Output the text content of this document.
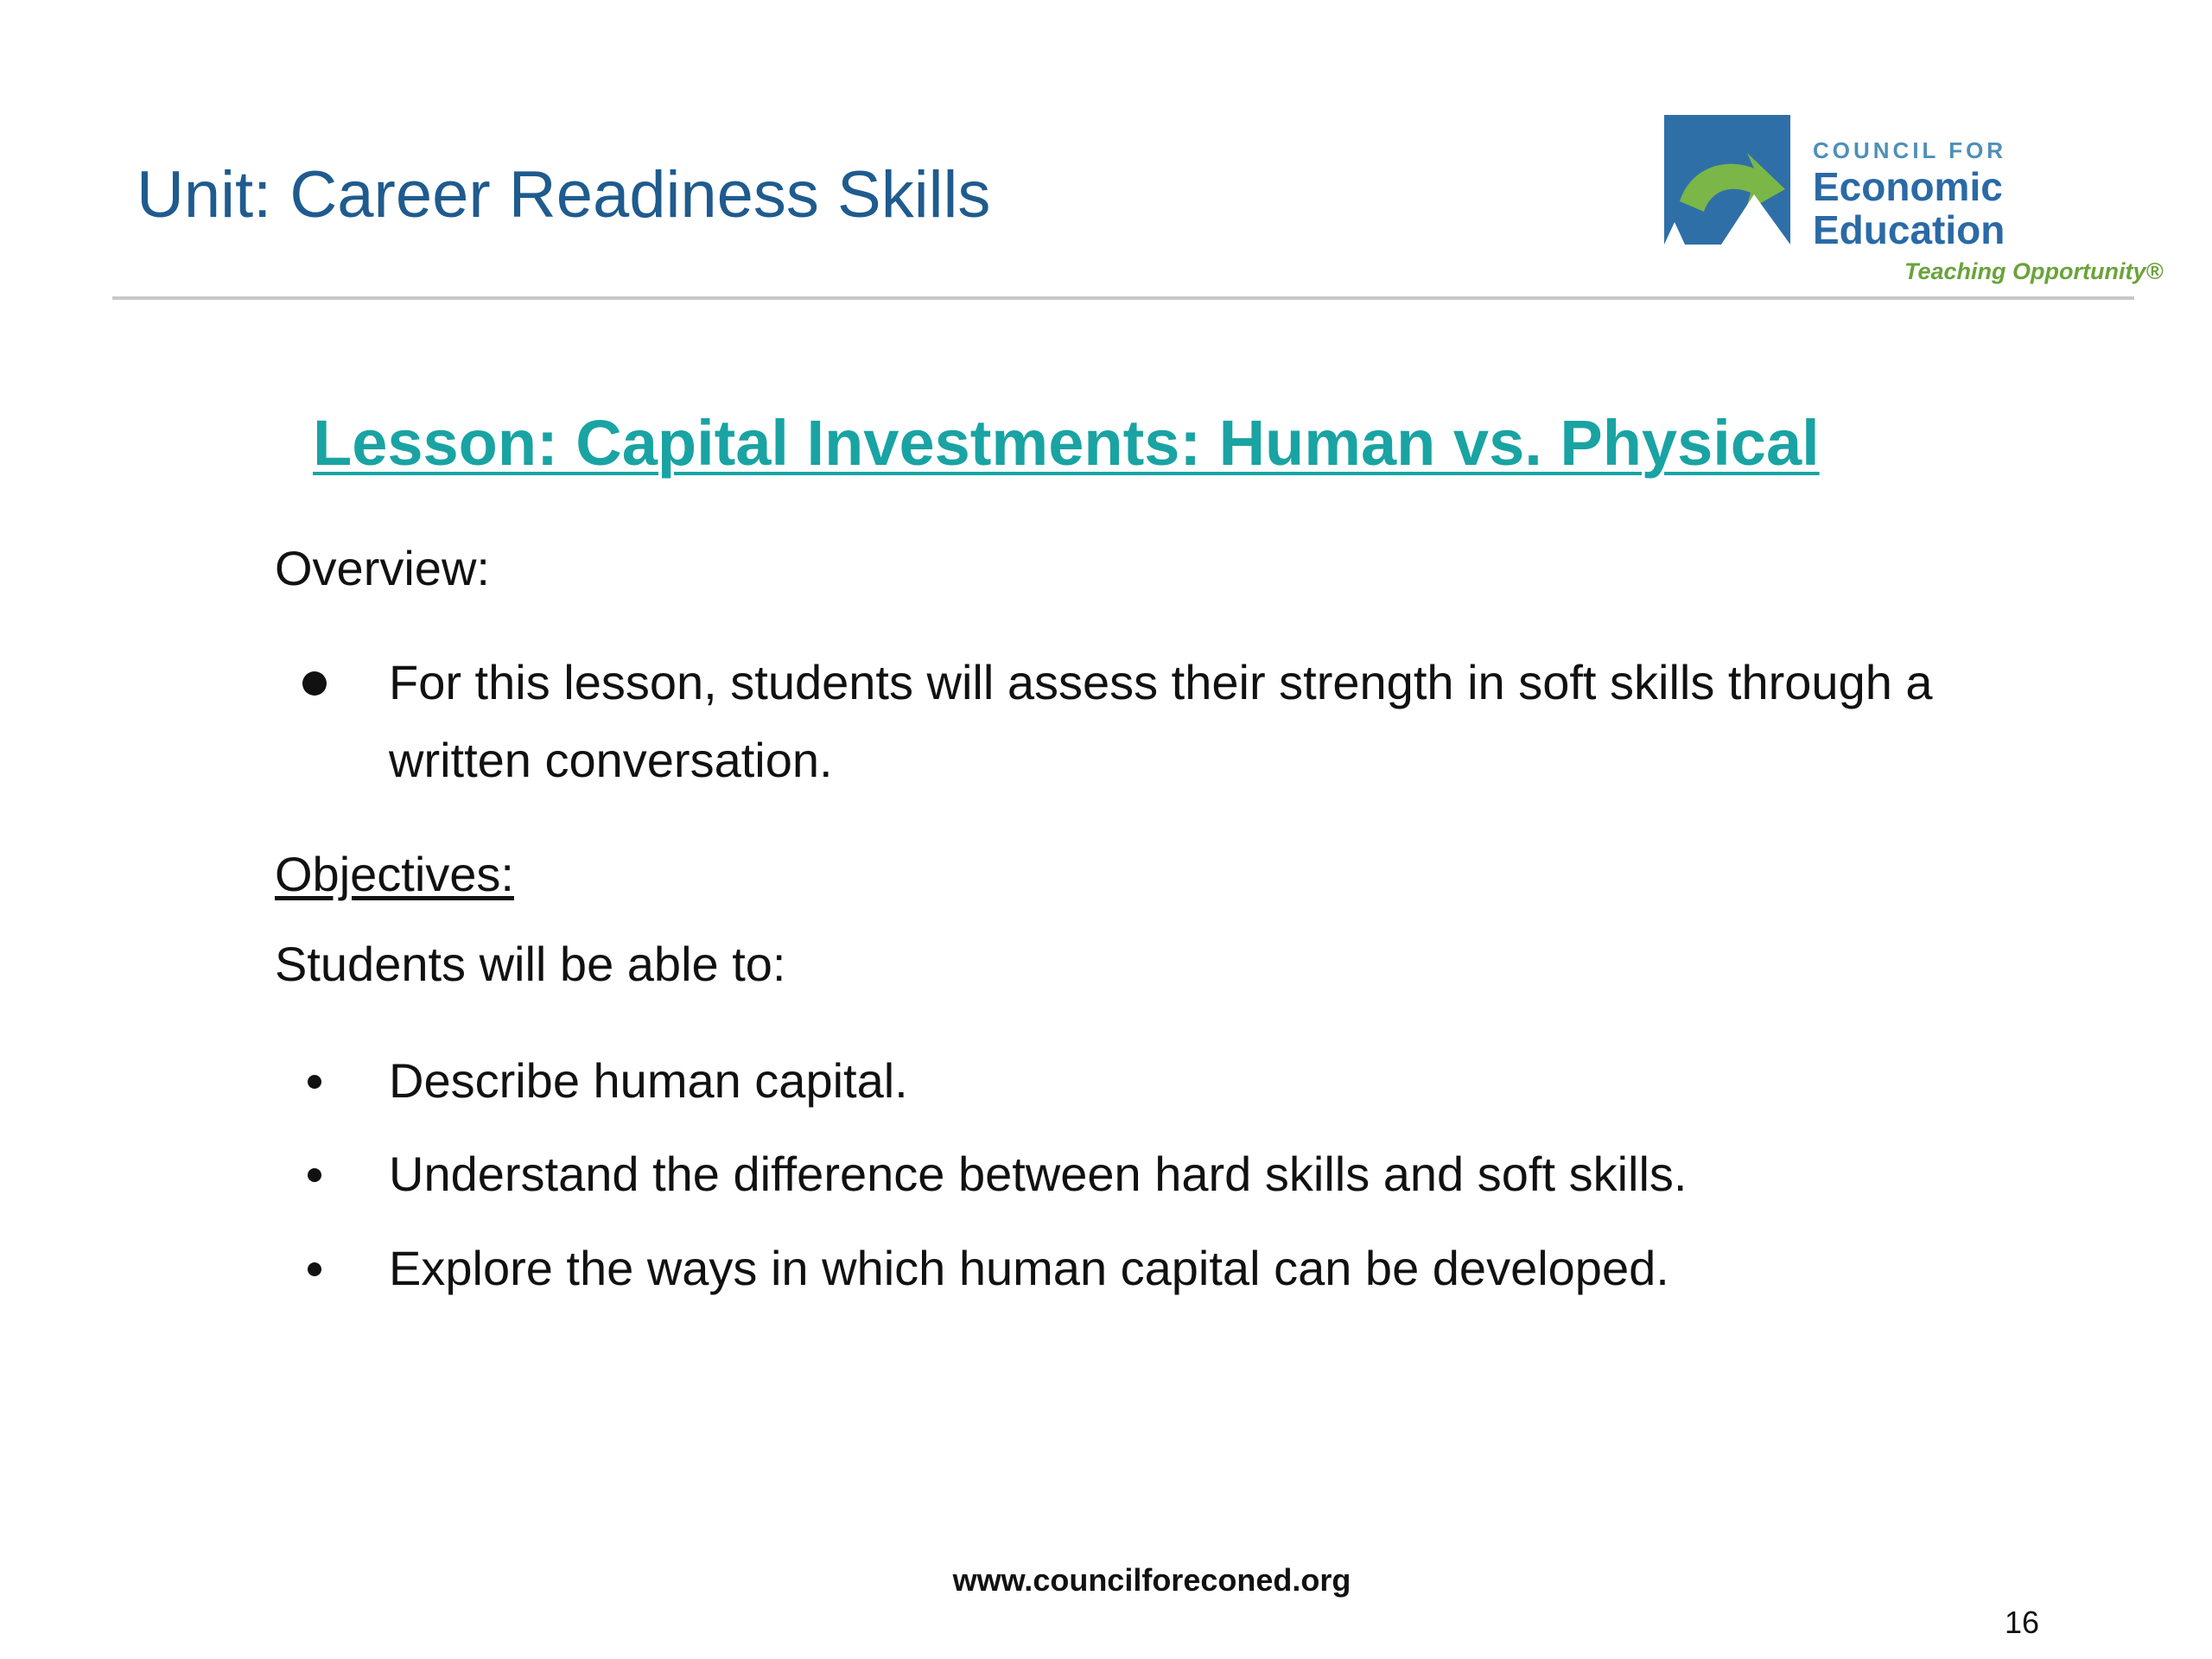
Unit: Career Readiness Skills
COUNCIL FOR
Economic
Education
Teaching Opportunity®
Lesson: Capital Investments: Human vs. Physical
Overview:
For this lesson, students will assess their strength in soft skills through a written conversation.
Objectives:
Students will be able to:
Describe human capital.
Understand the difference between hard skills and soft skills.
Explore the ways in which human capital can be developed.
www.councilforeconed.org
16
